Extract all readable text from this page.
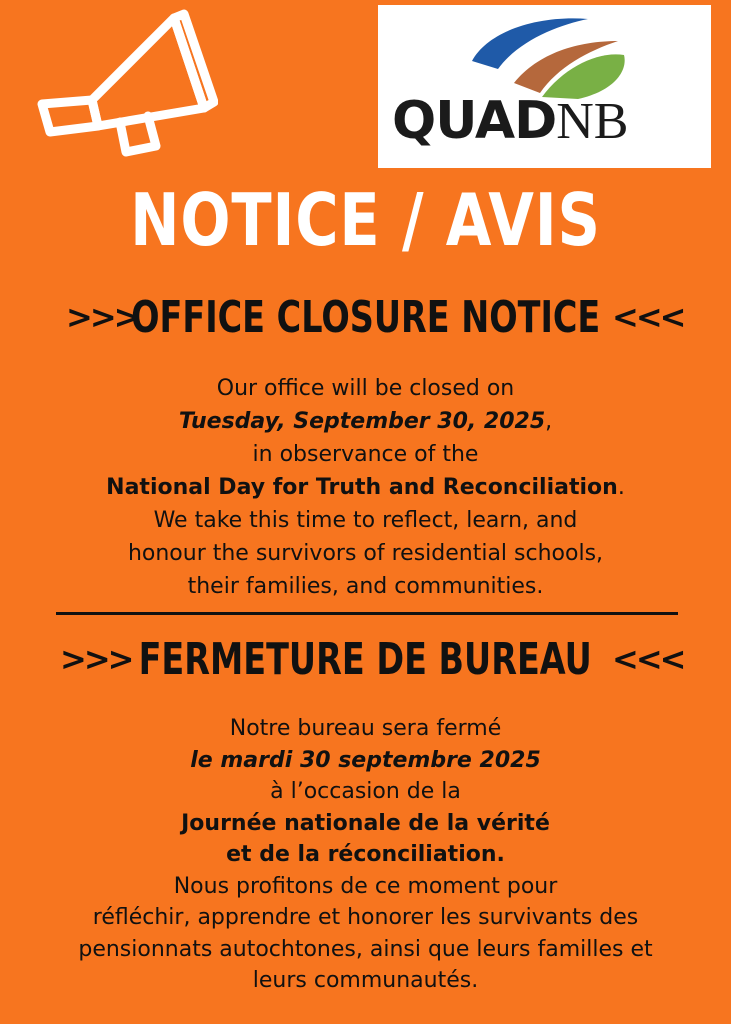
QUADNB
NOTICE / AVIS
>>>
OFFICE CLOSURE NOTICE <<<
Our office will be closed on
Tuesday, September 30, 2025,
in observance of the
National Day for Truth and Reconciliation.
We take this time to reflect, learn, and
honour the survivors of residential schools,
their families, and communities.
>>> FERMETURE DE BUREAU <<<
Notre bureau sera fermé
le mardi 30 septembre 2025
à l’occasion de la
Journée nationale de la vérité
et de la réconciliation.
Nous profitons de ce moment pour
réfléchir, apprendre et honorer les survivants des
pensionnats autochtones, ainsi que leurs familles et
leurs communautés.
